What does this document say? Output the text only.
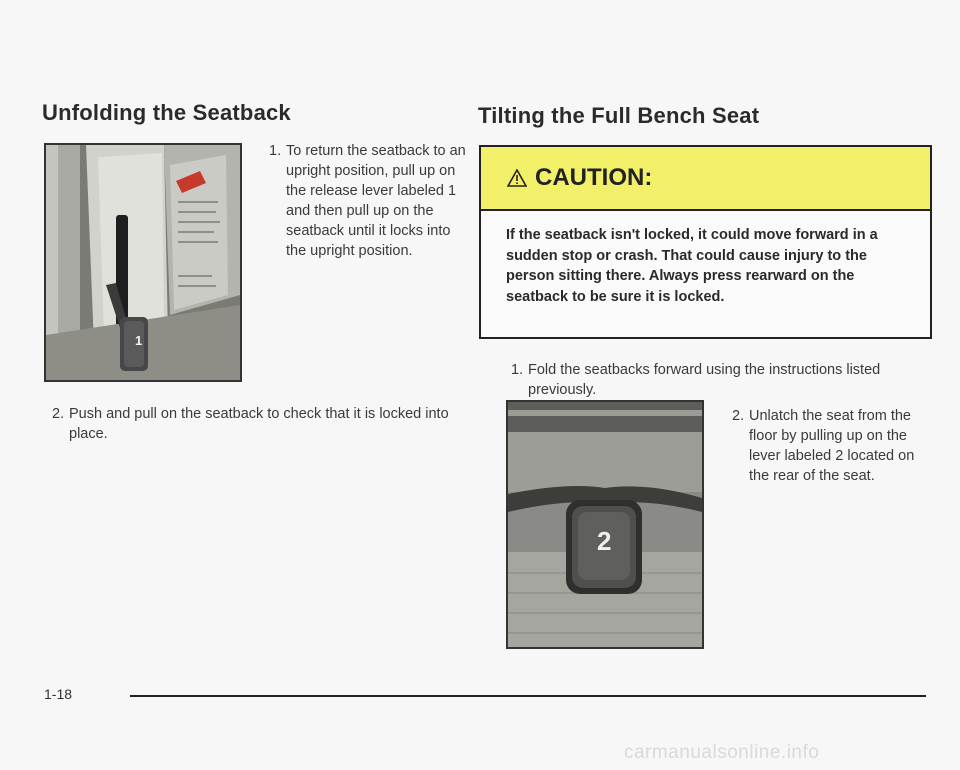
Unfolding the Seatback
1

1. To return the seatback to an upright position, pull up on the release lever labeled 1 and then pull up on the seatback until it locks into the upright position.

2. Push and pull on the seatback to check that it is locked into place.

Tilting the Full Bench Seat
CAUTION:

If the seatback isn't locked, it could move forward in a sudden stop or crash. That could cause injury to the person sitting there. Always press rearward on the seatback to be sure it is locked.

1. Fold the seatbacks forward using the instructions listed previously.

2

2. Unlatch the seat from the floor by pulling up on the lever labeled 2 located on the rear of the seat.

1-18
carmanualsonline.info
